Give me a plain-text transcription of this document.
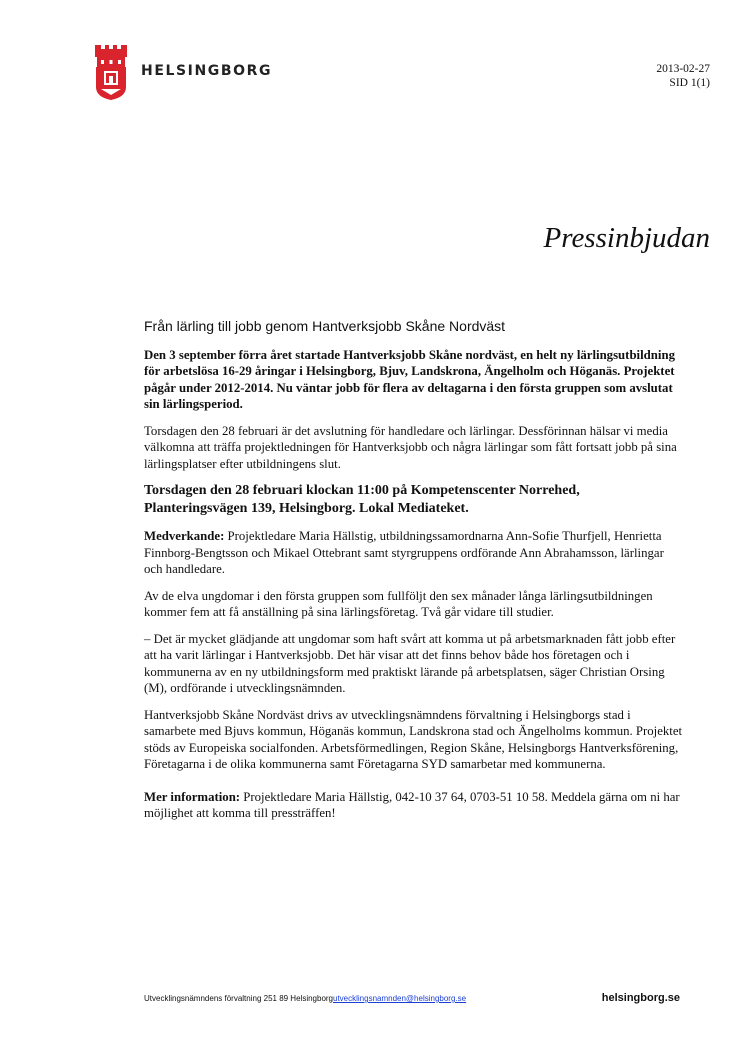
HELSINGBORG	2013-02-27
SID 1(1)
Pressinbjudan
Från lärling till jobb genom Hantverksjobb Skåne Nordväst

Den 3 september förra året startade Hantverksjobb Skåne nordväst, en helt ny lärlingsutbildning för arbetslösa 16-29 åringar i Helsingborg, Bjuv, Landskrona, Ängelholm och Höganäs. Projektet pågår under 2012-2014. Nu väntar jobb för flera av deltagarna i den första gruppen som avslutat sin lärlingsperiod.

Torsdagen den 28 februari är det avslutning för handledare och lärlingar. Dessförinnan hälsar vi media välkomna att träffa projektledningen för Hantverksjobb och några lärlingar som fått fortsatt jobb på sina lärlingsplatser efter utbildningens slut.

Torsdagen den 28 februari klockan 11:00 på Kompetenscenter Norrehed, Planteringsvägen 139, Helsingborg. Lokal Mediateket.

Medverkande: Projektledare Maria Hällstig, utbildningssamordnarna Ann-Sofie Thurfjell, Henrietta Finnborg-Bengtsson och Mikael Ottebrant samt styrgruppens ordförande Ann Abrahamsson, lärlingar och handledare.

Av de elva ungdomar i den första gruppen som fullföljt den sex månader långa lärlingsutbildningen kommer fem att få anställning på sina lärlingsföretag. Två går vidare till studier.

– Det är mycket glädjande att ungdomar som haft svårt att komma ut på arbetsmarknaden fått jobb efter att ha varit lärlingar i Hantverksjobb. Det här visar att det finns behov både hos företagen och i kommunerna av en ny utbildningsform med praktiskt lärande på arbetsplatsen, säger Christian Orsing (M), ordförande i utvecklingsnämnden.

Hantverksjobb Skåne Nordväst drivs av utvecklingsnämndens förvaltning i Helsingborgs stad i samarbete med Bjuvs kommun, Höganäs kommun, Landskrona stad och Ängelholms kommun. Projektet stöds av Europeiska socialfonden. Arbetsförmedlingen, Region Skåne, Helsingborgs Hantverksförening, Företagarna i de olika kommunerna samt Företagarna SYD samarbetar med kommunerna.

Mer information: Projektledare Maria Hällstig, 042-10 37 64, 0703-51 10 58. Meddela gärna om ni har möjlighet att komma till pressträffen!

Utvecklingsnämndens förvaltning 251 89 Helsingborgutvecklingsnamnden@helsingborg.se	helsingborg.se
